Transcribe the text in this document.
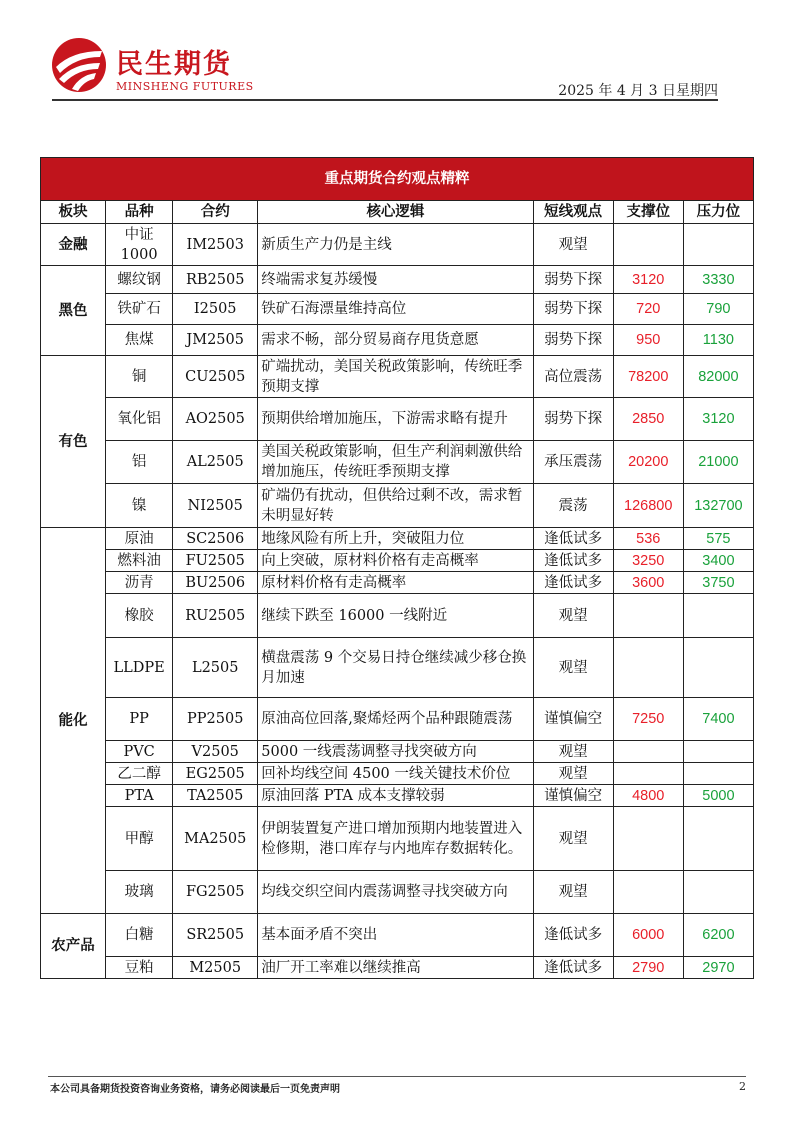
民生期货
MINSHENG FUTURES	2025 年 4 月 3 日星期四
重点期货合约观点精粹						
板块	品种	合约	核心逻辑	短线观点	支撑位	压力位
金融	中证1000	IM2503	新质生产力仍是主线	观望		
黑色	螺纹钢	RB2505	终端需求复苏缓慢	弱势下探	3120	3330
	铁矿石	I2505	铁矿石海漂量维持高位	弱势下探	720	790
	焦煤	JM2505	需求不畅，部分贸易商存甩货意愿	弱势下探	950	1130
有色	铜	CU2505	矿端扰动，美国关税政策影响，传统旺季预期支撑	高位震荡	78200	82000
	氧化铝	AO2505	预期供给增加施压，下游需求略有提升	弱势下探	2850	3120
	铝	AL2505	美国关税政策影响，但生产利润刺激供给增加施压，传统旺季预期支撑	承压震荡	20200	21000
	镍	NI2505	矿端仍有扰动，但供给过剩不改，需求暂未明显好转	震荡	126800	132700
能化	原油	SC2506	地缘风险有所上升，突破阻力位	逢低试多	536	575
	燃料油	FU2505	向上突破，原材料价格有走高概率	逢低试多	3250	3400
	沥青	BU2506	原材料价格有走高概率	逢低试多	3600	3750
	橡胶	RU2505	继续下跌至 16000 一线附近	观望		
	LLDPE	L2505	横盘震荡 9 个交易日持仓继续减少移仓换月加速	观望		
	PP	PP2505	原油高位回落,聚烯烃两个品种跟随震荡	谨慎偏空	7250	7400
	PVC	V2505	5000 一线震荡调整寻找突破方向	观望		
	乙二醇	EG2505	回补均线空间 4500 一线关键技术价位	观望		
	PTA	TA2505	原油回落 PTA 成本支撑较弱	谨慎偏空	4800	5000
	甲醇	MA2505	伊朗装置复产进口增加预期内地装置进入检修期，港口库存与内地库存数据转化。	观望		
	玻璃	FG2505	均线交织空间内震荡调整寻找突破方向	观望		
农产品	白糖	SR2505	基本面矛盾不突出	逢低试多	6000	6200
	豆粕	M2505	油厂开工率难以继续推高	逢低试多	2790	2970
本公司具备期货投资咨询业务资格，请务必阅读最后一页免责声明	2
